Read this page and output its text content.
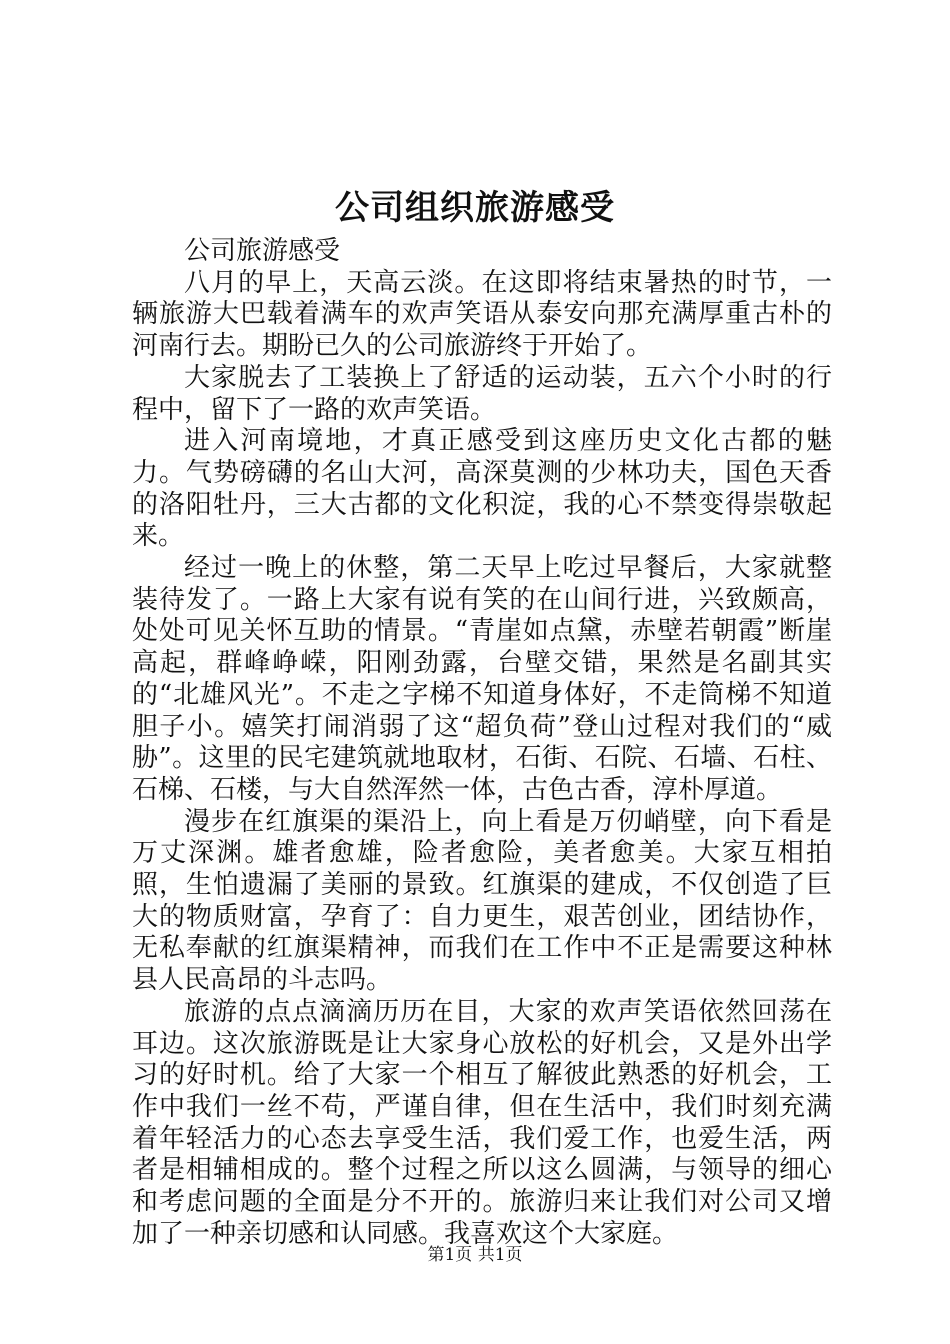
公司组织旅游感受

公司旅游感受

八月的早上，天高云淡。在这即将结束暑热的时节，一辆旅游大巴载着满车的欢声笑语从泰安向那充满厚重古朴的河南行去。期盼已久的公司旅游终于开始了。

大家脱去了工装换上了舒适的运动装，五六个小时的行程中，留下了一路的欢声笑语。

进入河南境地，才真正感受到这座历史文化古都的魅力。气势磅礴的名山大河，高深莫测的少林功夫，国色天香的洛阳牡丹，三大古都的文化积淀，我的心不禁变得崇敬起来。

经过一晚上的休整，第二天早上吃过早餐后，大家就整装待发了。一路上大家有说有笑的在山间行进，兴致颇高，处处可见关怀互助的情景。“青崖如点黛，赤壁若朝霞”断崖高起，群峰峥嵘，阳刚劲露，台壁交错，果然是名副其实的“北雄风光”。不走之字梯不知道身体好，不走筒梯不知道胆子小。嬉笑打闹消弱了这“超负荷”登山过程对我们的“威胁”。这里的民宅建筑就地取材，石街、石院、石墙、石柱、石梯、石楼，与大自然浑然一体，古色古香，淳朴厚道。

漫步在红旗渠的渠沿上，向上看是万仞峭壁，向下看是万丈深渊。雄者愈雄，险者愈险，美者愈美。大家互相拍照，生怕遗漏了美丽的景致。红旗渠的建成，不仅创造了巨大的物质财富，孕育了：自力更生，艰苦创业，团结协作，无私奉献的红旗渠精神，而我们在工作中不正是需要这种林县人民高昂的斗志吗。

旅游的点点滴滴历历在目，大家的欢声笑语依然回荡在耳边。这次旅游既是让大家身心放松的好机会，又是外出学习的好时机。给了大家一个相互了解彼此熟悉的好机会，工作中我们一丝不苟，严谨自律，但在生活中，我们时刻充满着年轻活力的心态去享受生活，我们爱工作，也爱生活，两者是相辅相成的。整个过程之所以这么圆满，与领导的细心和考虑问题的全面是分不开的。旅游归来让我们对公司又增加了一种亲切感和认同感。我喜欢这个大家庭。

第1页 共1页
